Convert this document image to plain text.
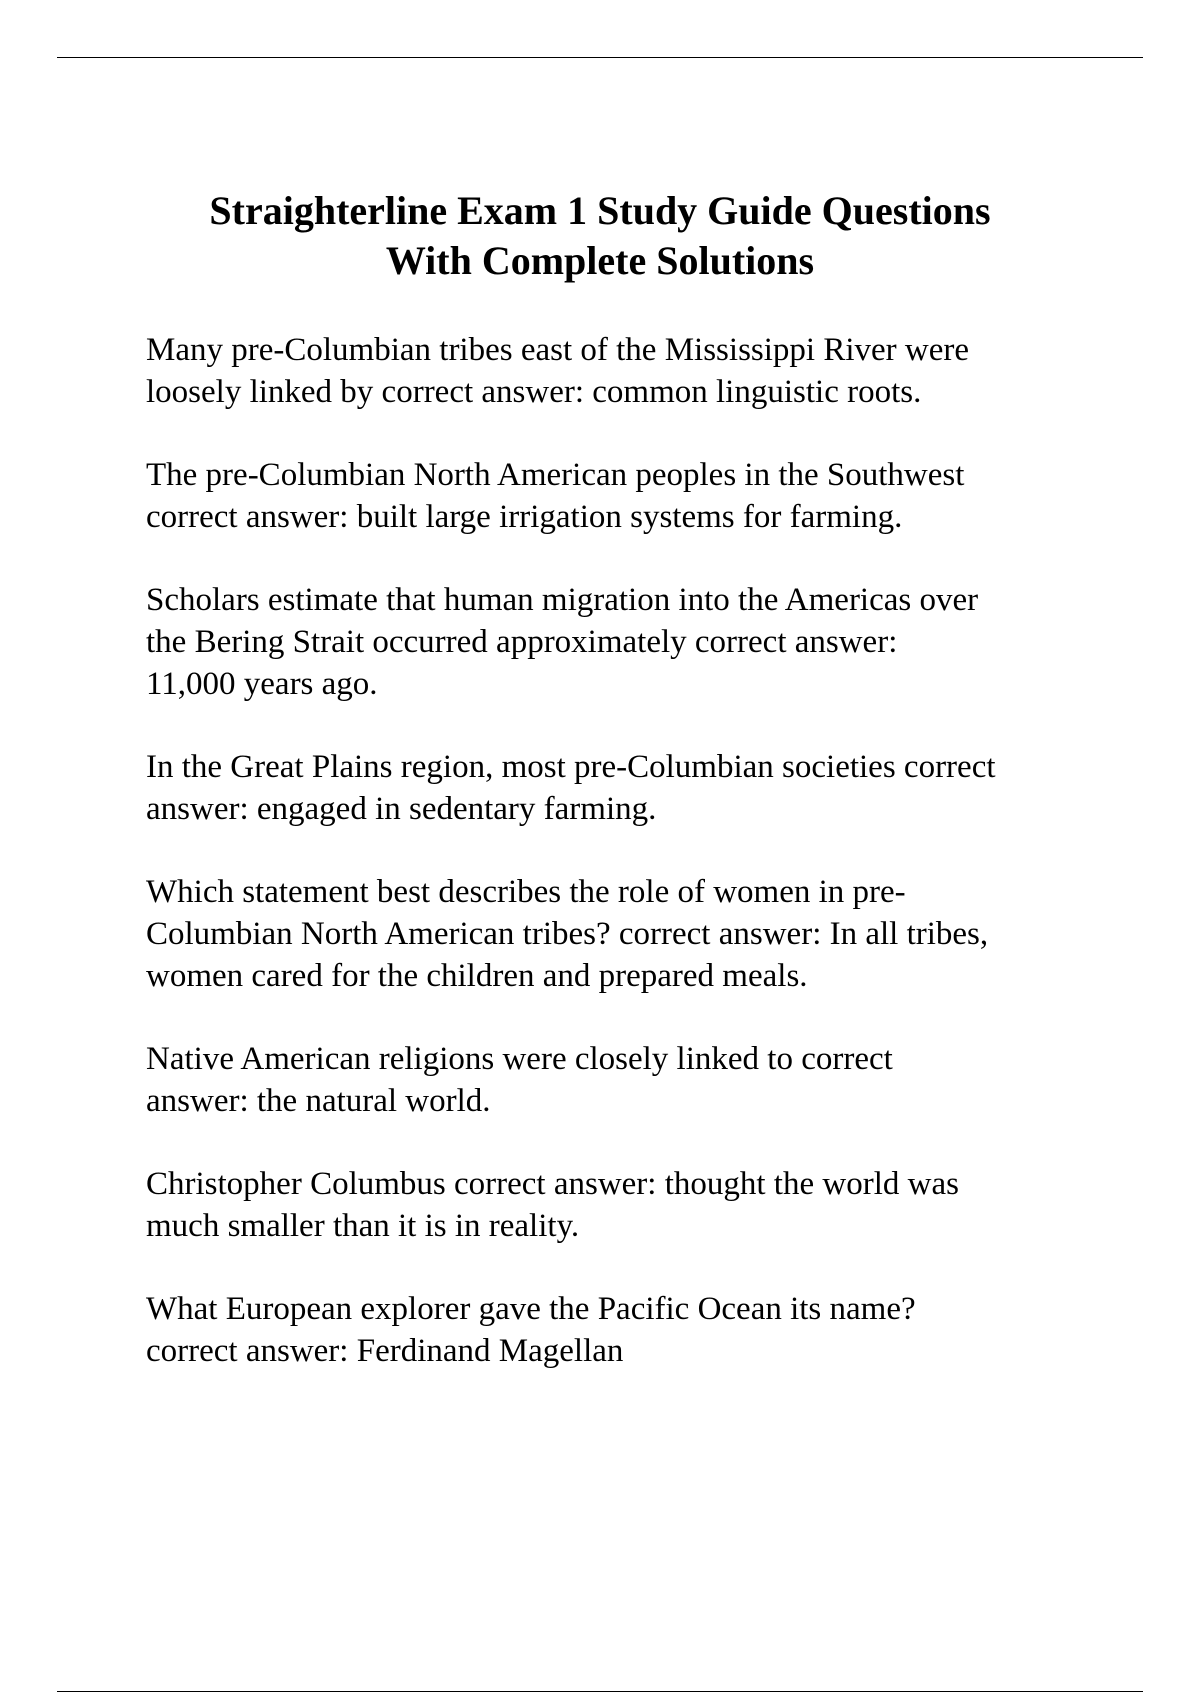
Straighterline Exam 1 Study Guide Questions
With Complete Solutions

Many pre-Columbian tribes east of the Mississippi River were
loosely linked by correct answer: common linguistic roots.

The pre-Columbian North American peoples in the Southwest
correct answer: built large irrigation systems for farming.

Scholars estimate that human migration into the Americas over
the Bering Strait occurred approximately correct answer:
11,000 years ago.

In the Great Plains region, most pre-Columbian societies correct
answer: engaged in sedentary farming.

Which statement best describes the role of women in pre-
Columbian North American tribes? correct answer: In all tribes,
women cared for the children and prepared meals.

Native American religions were closely linked to correct
answer: the natural world.

Christopher Columbus correct answer: thought the world was
much smaller than it is in reality.

What European explorer gave the Pacific Ocean its name?
correct answer: Ferdinand Magellan
